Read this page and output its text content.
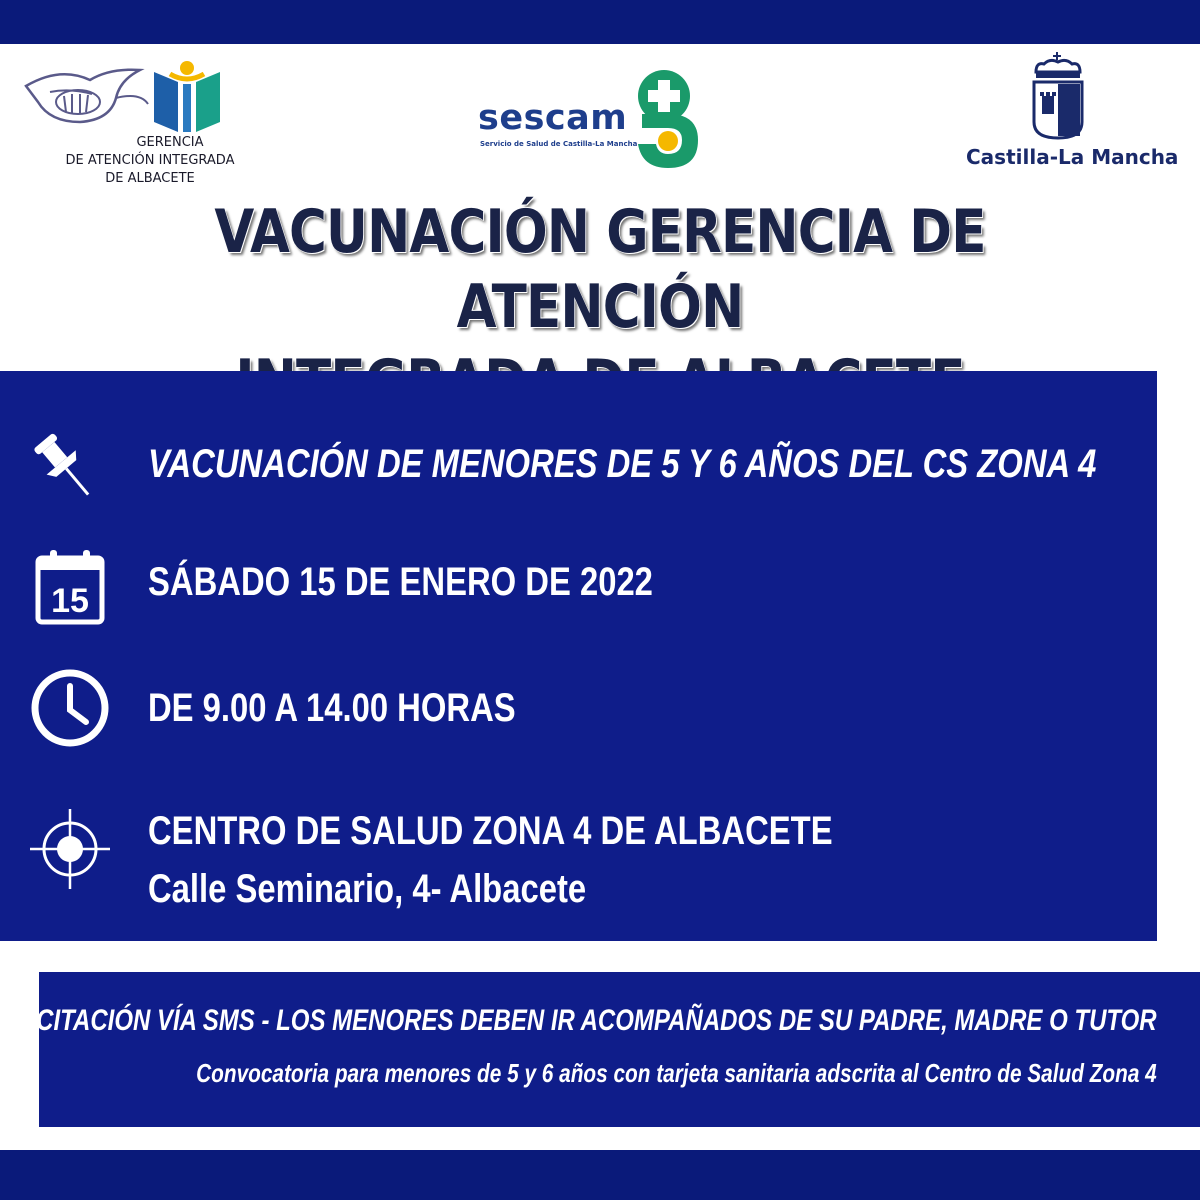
GERENCIA
DE ATENCIÓN INTEGRADA
DE ALBACETE
sescam
Servicio de Salud de Castilla-La Mancha
Castilla-La Mancha
VACUNACIÓN GERENCIA DE ATENCIÓN
VACUNACIÓN DE MENORES DE 5 Y 6 AÑOS DEL CS ZONA 4
15 SÁBADO 15 DE ENERO DE 2022
DE 9.00 A 14.00 HORAS
CENTRO DE SALUD ZONA 4 DE ALBACETE
Calle Seminario, 4- Albacete
CITACIÓN VÍA SMS - LOS MENORES DEBEN IR ACOMPAÑADOS DE SU PADRE, MADRE O TUTOR
Convocatoria para menores de 5 y 6 años con tarjeta sanitaria adscrita al Centro de Salud Zona 4
